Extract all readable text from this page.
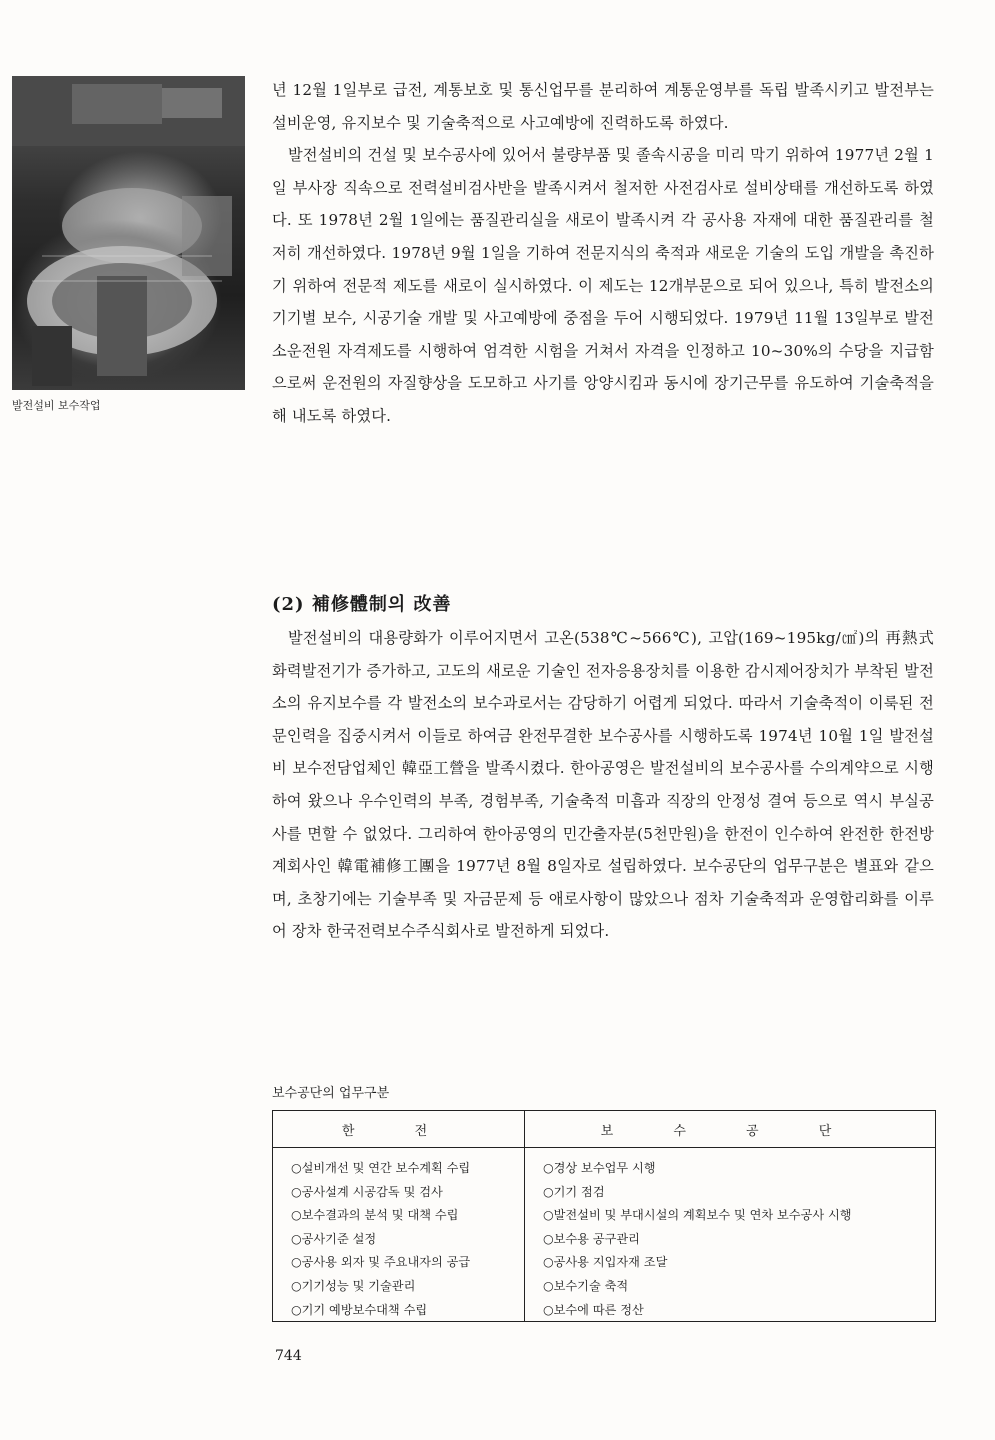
발전설비 보수작업

년 12월 1일부로 급전, 계통보호 및 통신업무를 분리하여 계통운영부를 독립 발족시키고 발전부는 설비운영, 유지보수 및 기술축적으로 사고예방에 진력하도록 하였다.

발전설비의 건설 및 보수공사에 있어서 불량부품 및 졸속시공을 미리 막기 위하여 1977년 2월 1일 부사장 직속으로 전력설비검사반을 발족시켜서 철저한 사전검사로 설비상태를 개선하도록 하였다. 또 1978년 2월 1일에는 품질관리실을 새로이 발족시켜 각 공사용 자재에 대한 품질관리를 철저히 개선하였다. 1978년 9월 1일을 기하여 전문지식의 축적과 새로운 기술의 도입 개발을 촉진하기 위하여 전문적 제도를 새로이 실시하였다. 이 제도는 12개부문으로 되어 있으나, 특히 발전소의 기기별 보수, 시공기술 개발 및 사고예방에 중점을 두어 시행되었다. 1979년 11월 13일부로 발전소운전원 자격제도를 시행하여 엄격한 시험을 거쳐서 자격을 인정하고 10~30%의 수당을 지급함으로써 운전원의 자질향상을 도모하고 사기를 앙양시킴과 동시에 장기근무를 유도하여 기술축적을 해 내도록 하였다.

(2) 補修體制의 改善

발전설비의 대용량화가 이루어지면서 고온(538℃~566℃), 고압(169~195kg/㎠)의 再熱式 화력발전기가 증가하고, 고도의 새로운 기술인 전자응용장치를 이용한 감시제어장치가 부착된 발전소의 유지보수를 각 발전소의 보수과로서는 감당하기 어렵게 되었다. 따라서 기술축적이 이룩된 전문인력을 집중시켜서 이들로 하여금 완전무결한 보수공사를 시행하도록 1974년 10월 1일 발전설비 보수전담업체인 韓亞工營을 발족시켰다. 한아공영은 발전설비의 보수공사를 수의계약으로 시행하여 왔으나 우수인력의 부족, 경험부족, 기술축적 미흡과 직장의 안정성 결여 등으로 역시 부실공사를 면할 수 없었다. 그리하여 한아공영의 민간출자분(5천만원)을 한전이 인수하여 완전한 한전방계회사인 韓電補修工團을 1977년 8월 8일자로 설립하였다. 보수공단의 업무구분은 별표와 같으며, 초창기에는 기술부족 및 자금문제 등 애로사항이 많았으나 점차 기술축적과 운영합리화를 이루어 장차 한국전력보수주식회사로 발전하게 되었다.

보수공단의 업무구분
한 전	보 수 공 단
○ 설비개선 및 연간 보수계획 수립
○ 공사설계 시공감독 및 검사
○ 보수결과의 분석 및 대책 수립
○ 공사기준 설정
○ 공사용 외자 및 주요내자의 공급
○ 기기성능 및 기술관리
○ 기기 예방보수대책 수립
○ 경상 보수업무 시행
○ 기기 점검
○ 발전설비 및 부대시설의 계획보수 및 연차 보수공사 시행
○ 보수용 공구관리
○ 공사용 지입자재 조달
○ 보수기술 축적
○ 보수에 따른 정산
744
